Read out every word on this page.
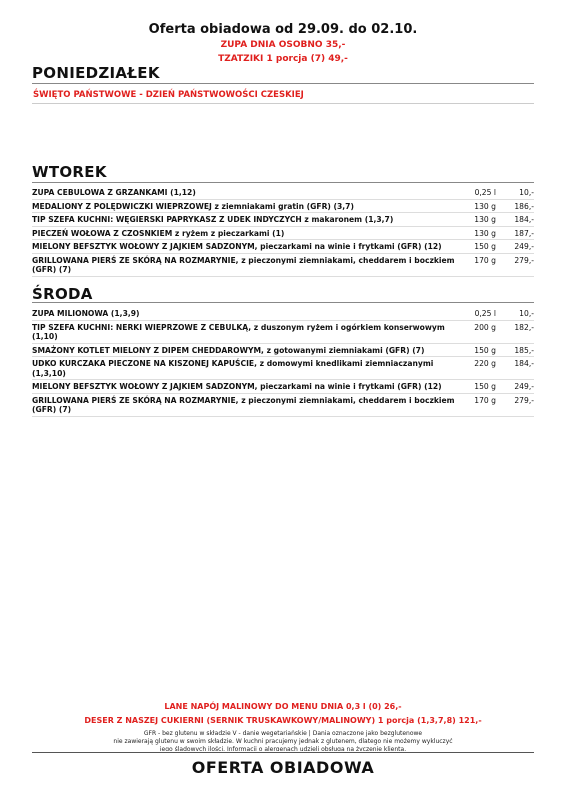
Oferta obiadowa od 29.09. do 02.10.
ZUPA DNIA OSOBNO 35,-
TZATZIKI 1 porcja (7) 49,-
PONIEDZIAŁEK
ŚWIĘTO PAŃSTWOWE - DZIEŃ PAŃSTWOWOŚCI CZESKIEJ
WTOREK
ZUPA CEBULOWA Z GRZANKAMI (1,12)	0,25 l	10,-
MEDALIONY Z POLĘDWICZKI WIEPRZOWEJ z ziemniakami gratin (GFR) (3,7)	130 g 186,-
TIP SZEFA KUCHNI: WĘGIERSKI PAPRYKASZ Z UDEK INDYCZYCH z makaronem (1,3,7)	130 g 184,-
PIECZEŃ WOŁOWA Z CZOSNKIEM z ryżem z pieczarkami (1)	130 g 187,-
MIELONY BEFSZTYK WOŁOWY Z JAJKIEM SADZONYM, pieczarkami na winie i frytkami (GFR) (12)	150 g 249,-
GRILLOWANA PIERŚ ZE SKÓRĄ NA ROZMARYNIE, z pieczonymi ziemniakami, cheddarem i boczkiem (GFR) (7)
170 g 279,-
ŚRODA
ZUPA MILIONOWA (1,3,9)	0,25 l	10,-
TIP SZEFA KUCHNI: NERKI WIEPRZOWE Z CEBULKĄ, z duszonym ryżem i ogórkiem konserwowym (1,10)
200 g 182,-
SMAŻONY KOTLET MIELONY Z DIPEM CHEDDAROWYM, z gotowanymi ziemniakami (GFR) (7)	150 g 185,-
UDKO KURCZAKA PIECZONE NA KISZONEJ KAPUŚCIE, z domowymi knedlikami ziemniaczanymi (1,3,10)
220 g 184,-
MIELONY BEFSZTYK WOŁOWY Z JAJKIEM SADZONYM, pieczarkami na winie i frytkami (GFR) (12)	150 g 249,-
GRILLOWANA PIERŚ ZE SKÓRĄ NA ROZMARYNIE, z pieczonymi ziemniakami, cheddarem i boczkiem (GFR) (7)
170 g 279,-
LANE NAPÓJ MALINOWY DO MENU DNIA 0,3 l (0) 26,-
DESER Z NASZEJ CUKIERNI (SERNIK TRUSKAWKOWY/MALINOWY) 1 porcja (1,3,7,8) 121,-
GFR - bez glutenu w składzie V - danie wegetariańskie | Dania oznaczone jako bezglutenowe
nie zawierają glutenu w swoim składzie. W kuchni pracujemy jednak z glutenem, dlatego nie możemy wykluczyć
jego śladowych ilości. Informacji o alergenach udzieli obsługa na życzenie klienta.
OFERTA OBIADOWA
